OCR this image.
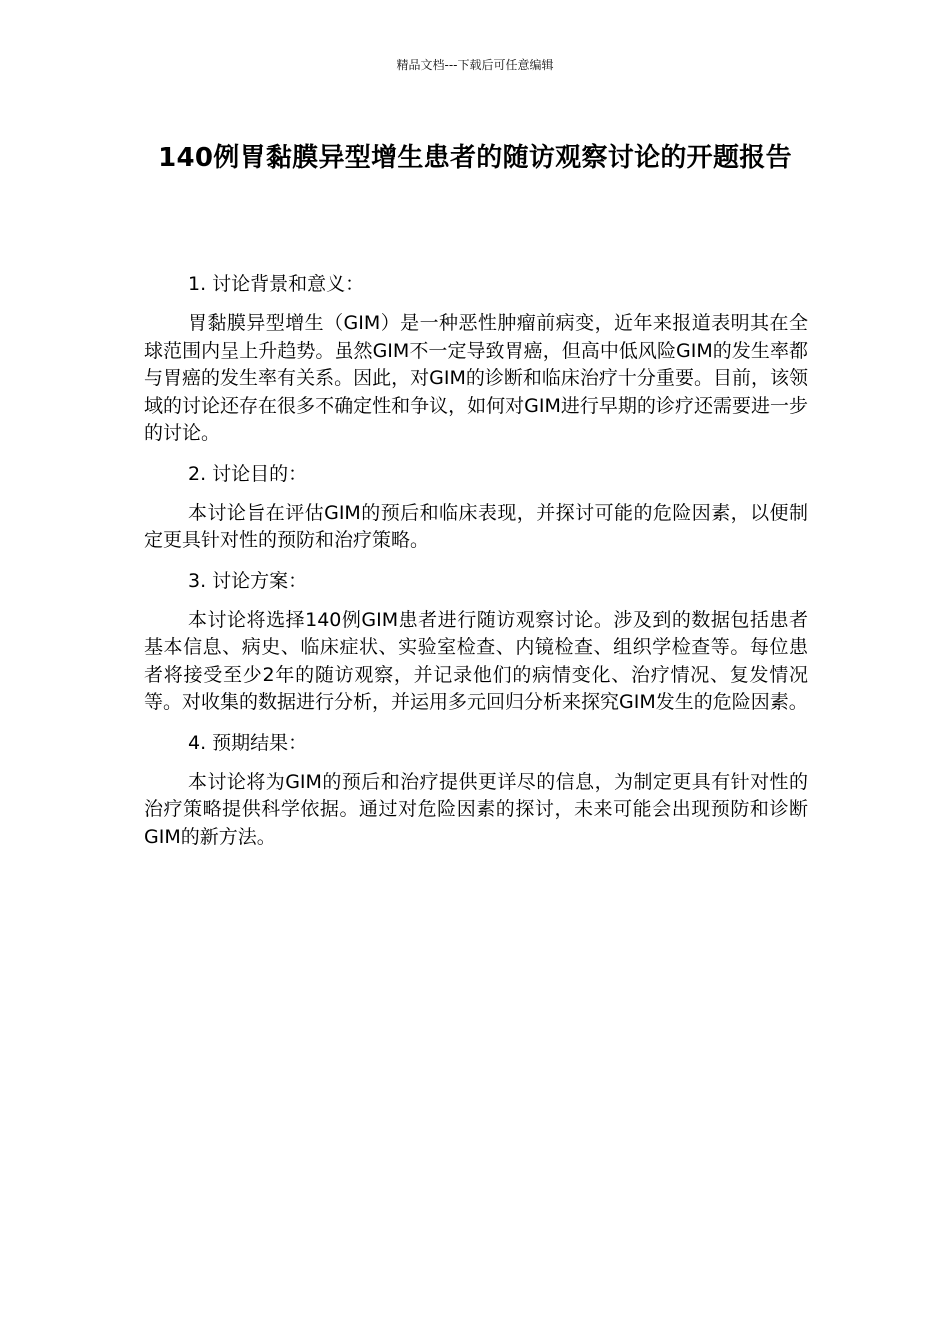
精品文档---下载后可任意编辑
140例胃黏膜异型增生患者的随访观察讨论的开题报告

1. 讨论背景和意义：

胃黏膜异型增生（GIM）是一种恶性肿瘤前病变，近年来报道表明其在全球范围内呈上升趋势。虽然GIM不一定导致胃癌，但高中低风险GIM的发生率都与胃癌的发生率有关系。因此，对GIM的诊断和临床治疗十分重要。目前，该领域的讨论还存在很多不确定性和争议，如何对GIM进行早期的诊疗还需要进一步的讨论。

2. 讨论目的：

本讨论旨在评估GIM的预后和临床表现，并探讨可能的危险因素，以便制定更具针对性的预防和治疗策略。

3. 讨论方案：

本讨论将选择140例GIM患者进行随访观察讨论。涉及到的数据包括患者基本信息、病史、临床症状、实验室检查、内镜检查、组织学检查等。每位患者将接受至少2年的随访观察，并记录他们的病情变化、治疗情况、复发情况等。对收集的数据进行分析，并运用多元回归分析来探究GIM发生的危险因素。

4. 预期结果：

本讨论将为GIM的预后和治疗提供更详尽的信息，为制定更具有针对性的治疗策略提供科学依据。通过对危险因素的探讨，未来可能会出现预防和诊断GIM的新方法。
